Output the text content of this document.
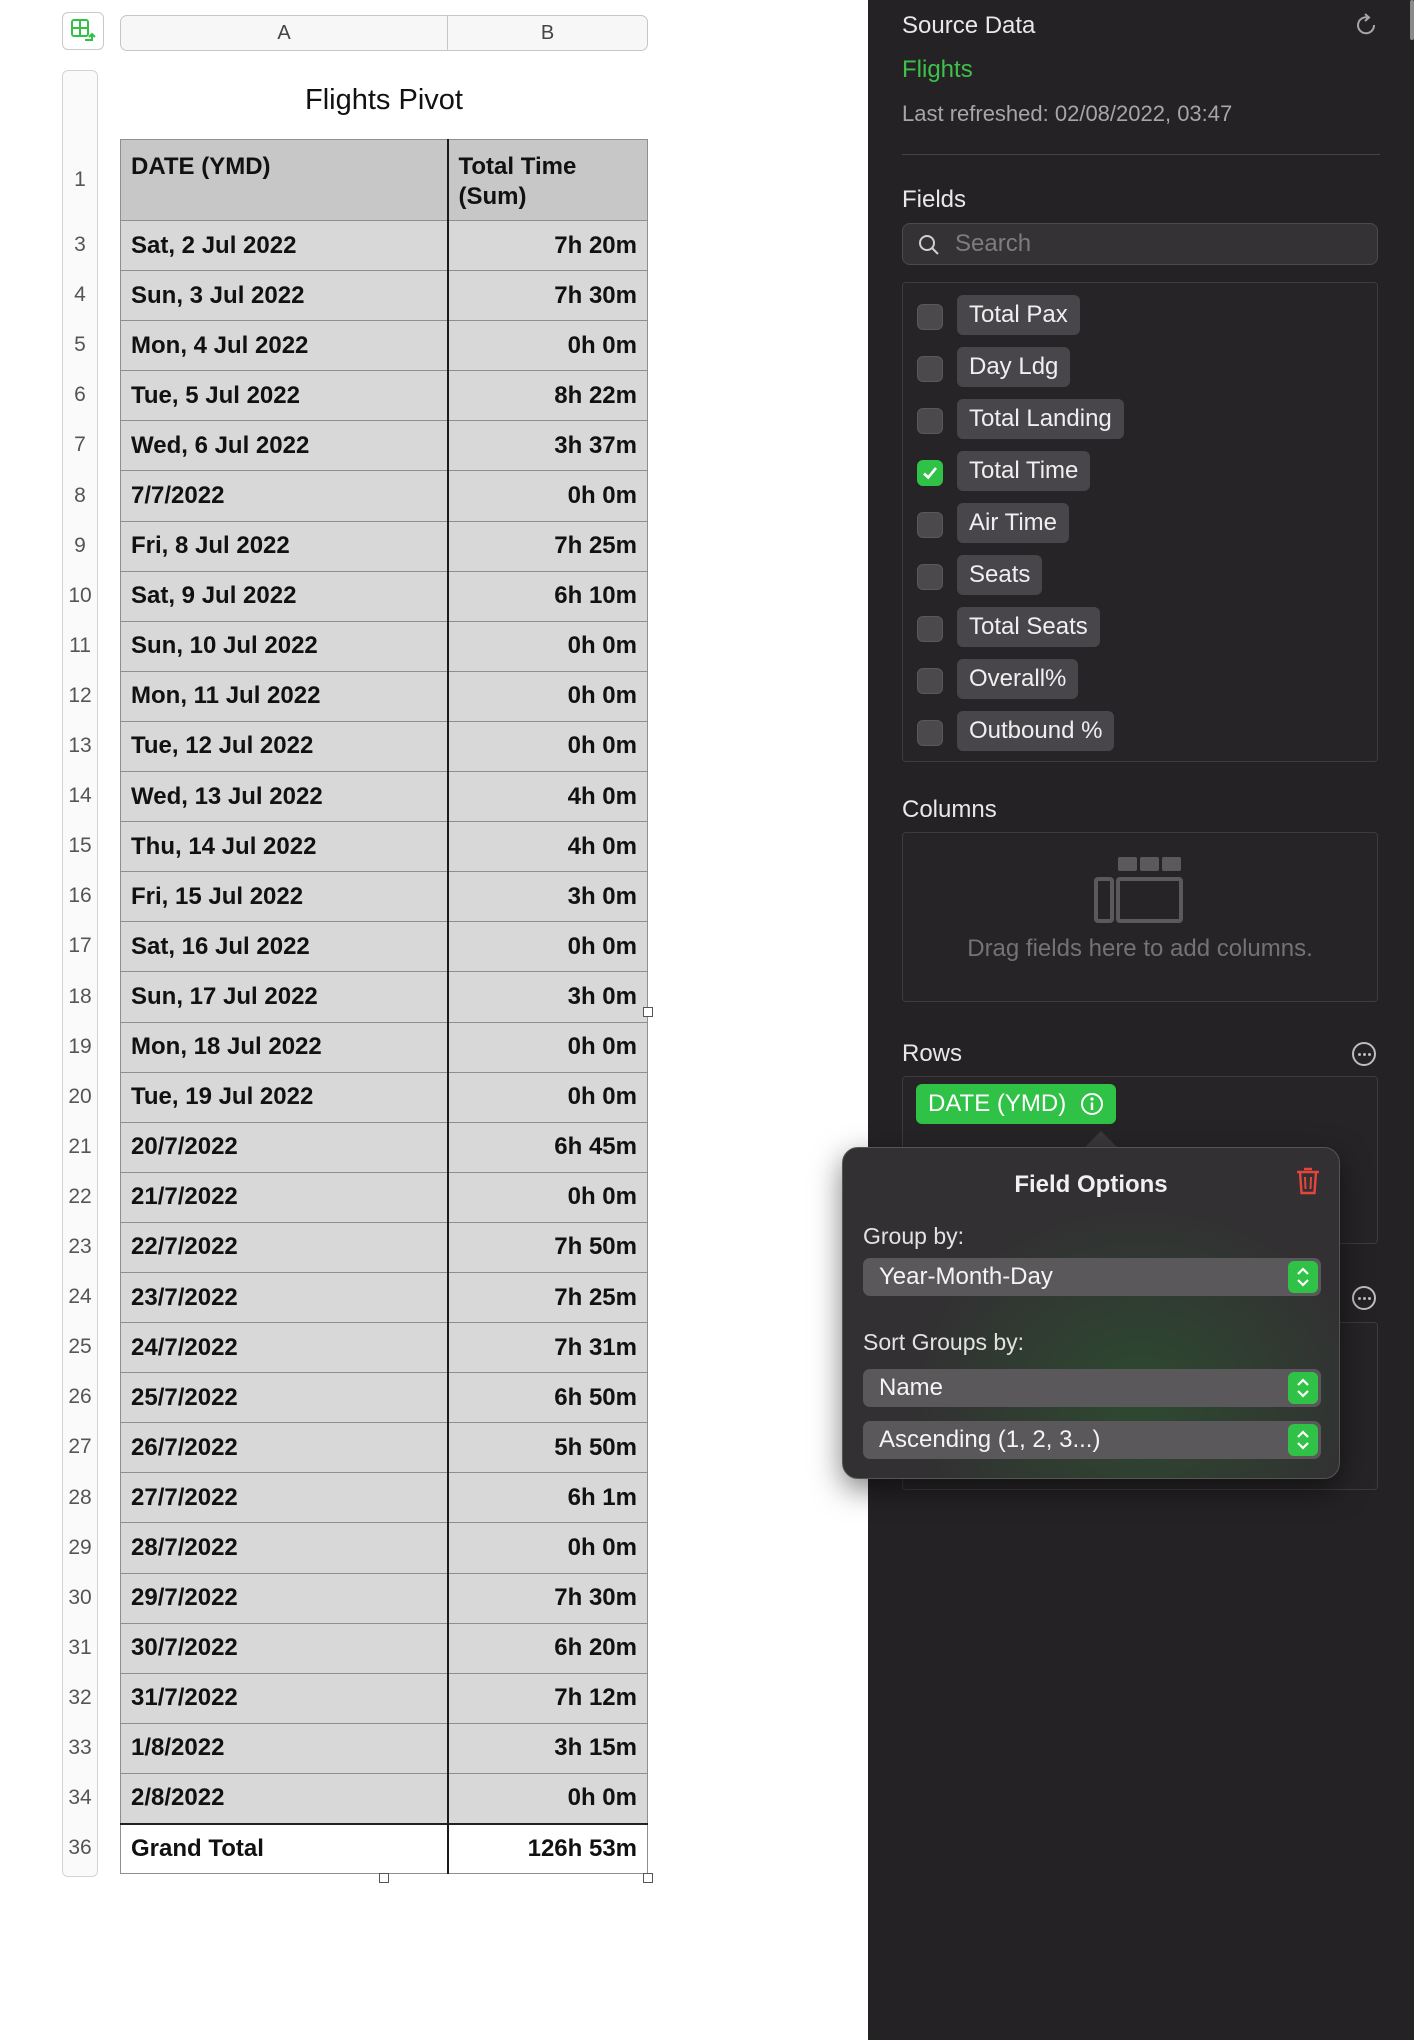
A	B
1
3
4
5
6
7
8
9
10
11
12
13
14
15
16
17
18
19
20
21
22
23
24
25
26
27
28
29
30
31
32
33
34
36
Flights Pivot
DATE (YMD)	Total Time (Sum)
Sat, 2 Jul 2022	7h 20m
Sun, 3 Jul 2022	7h 30m
Mon, 4 Jul 2022	0h 0m
Tue, 5 Jul 2022	8h 22m
Wed, 6 Jul 2022	3h 37m
7/7/2022	0h 0m
Fri, 8 Jul 2022	7h 25m
Sat, 9 Jul 2022	6h 10m
Sun, 10 Jul 2022	0h 0m
Mon, 11 Jul 2022	0h 0m
Tue, 12 Jul 2022	0h 0m
Wed, 13 Jul 2022	4h 0m
Thu, 14 Jul 2022	4h 0m
Fri, 15 Jul 2022	3h 0m
Sat, 16 Jul 2022	0h 0m
Sun, 17 Jul 2022	3h 0m
Mon, 18 Jul 2022	0h 0m
Tue, 19 Jul 2022	0h 0m
20/7/2022	6h 45m
21/7/2022	0h 0m
22/7/2022	7h 50m
23/7/2022	7h 25m
24/7/2022	7h 31m
25/7/2022	6h 50m
26/7/2022	5h 50m
27/7/2022	6h 1m
28/7/2022	0h 0m
29/7/2022	7h 30m
30/7/2022	6h 20m
31/7/2022	7h 12m
1/8/2022	3h 15m
2/8/2022	0h 0m
Grand Total	126h 53m
Source Data
Flights
Last refreshed: 02/08/2022, 03:47
Fields
Search
Total Pax
Day Ldg
Total Landing
Total Time
Air Time
Seats
Total Seats
Overall%
Outbound %
Columns
Drag fields here to add columns.
Rows
DATE (YMD)
Field Options
Group by:
Year-Month-Day
Sort Groups by:
Name
Ascending (1, 2, 3...)
